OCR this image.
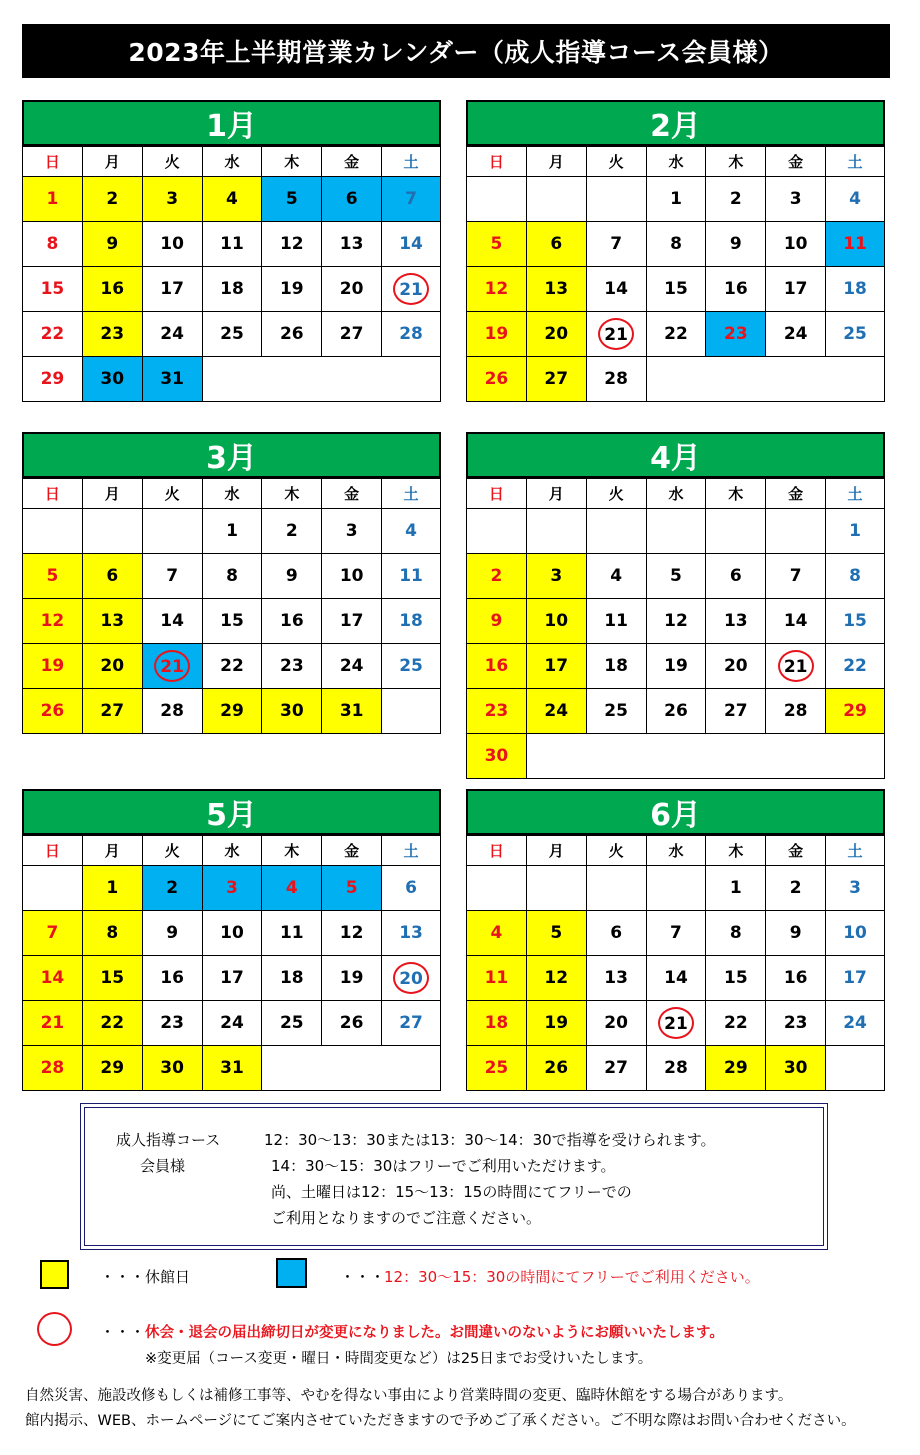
2023年上半期営業カレンダー（成人指導コース会員様）
1月
日	月	火	水	木	金	土
1	2	3	4	5	6	7
8	9	10	11	12	13	14
15	16	17	18	19	20	21
22	23	24	25	26	27	28
29	30	31				
2月
日	月	火	水	木	金	土
			1	2	3	4
5	6	7	8	9	10	11
12	13	14	15	16	17	18
19	20	21	22	23	24	25
26	27	28				
3月
日	月	火	水	木	金	土
			1	2	3	4
5	6	7	8	9	10	11
12	13	14	15	16	17	18
19	20	21	22	23	24	25
26	27	28	29	30	31	
4月
日	月	火	水	木	金	土
						1
2	3	4	5	6	7	8
9	10	11	12	13	14	15
16	17	18	19	20	21	22
23	24	25	26	27	28	29
30						
5月
日	月	火	水	木	金	土
	1	2	3	4	5	6
7	8	9	10	11	12	13
14	15	16	17	18	19	20
21	22	23	24	25	26	27
28	29	30	31			
6月
日	月	火	水	木	金	土
				1	2	3
4	5	6	7	8	9	10
11	12	13	14	15	16	17
18	19	20	21	22	23	24
25	26	27	28	29	30	
成人指導コース
会員様
12：30～13：30または13：30～14：30で指導を受けられます。
14：30～15：30はフリーでご利用いただけます。
尚、土曜日は12：15～13：15の時間にてフリーでの
ご利用となりますのでご注意ください。
・・・ 休館日	・・・
12：30～15：30の時間にてフリーでご利用ください。
・・・ 休会・退会の届出締切日が変更になりました。お間違いのないようにお願いいたします。
※変更届（コース変更・曜日・時間変更など）は25日までお受けいたします。
自然災害、施設改修もしくは補修工事等、やむを得ない事由により営業時間の変更、臨時休館をする場合があります。
館内掲示、WEB、ホームページにてご案内させていただきますので予めご了承ください。ご不明な際はお問い合わせください。
